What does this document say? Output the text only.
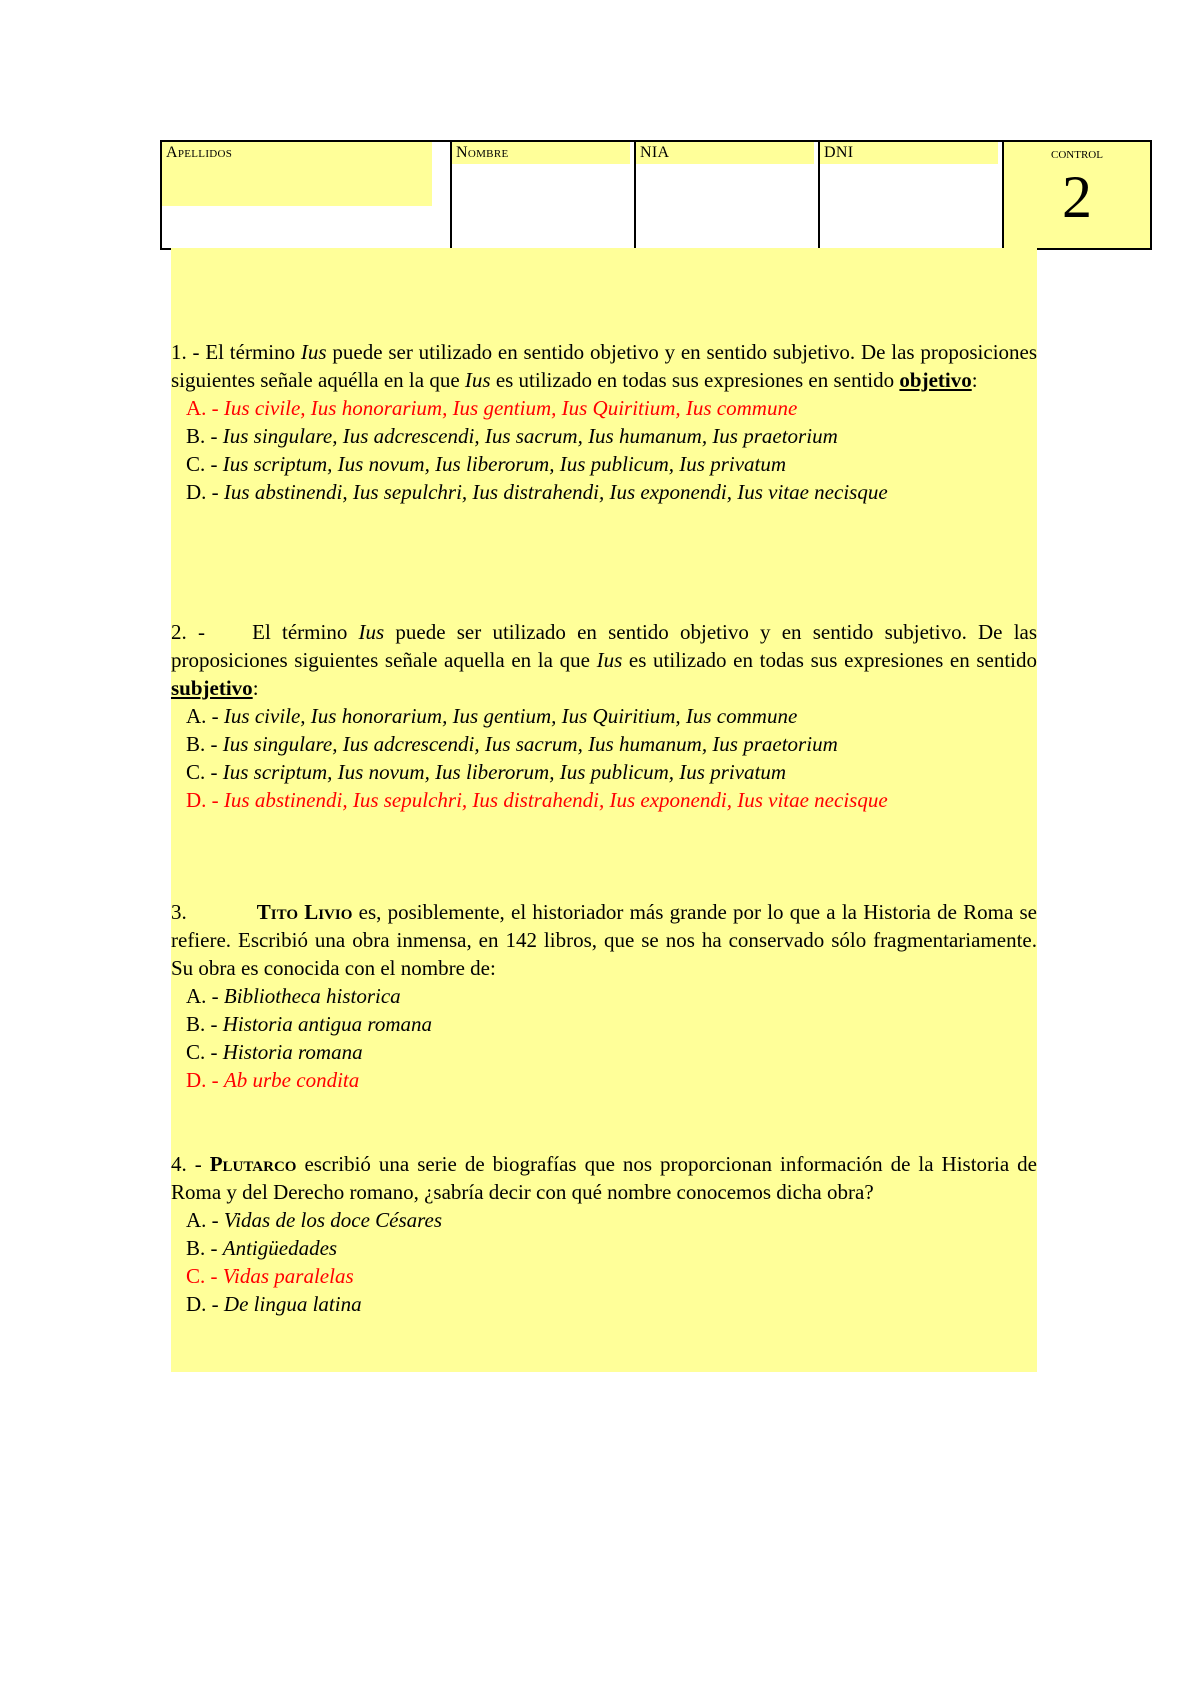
Apellidos	Nombre	NIA	DNI	control
2

1. - El término Ius puede ser utilizado en sentido objetivo y en sentido subjetivo. De las proposiciones siguientes señale aquélla en la que Ius es utilizado en todas sus expresiones en sentido objetivo:

A. - Ius civile, Ius honorarium, Ius gentium, Ius Quiritium, Ius commune
B. - Ius singulare, Ius adcrescendi, Ius sacrum, Ius humanum, Ius praetorium
C. - Ius scriptum, Ius novum, Ius liberorum, Ius publicum, Ius privatum
D. - Ius abstinendi, Ius sepulchri, Ius distrahendi, Ius exponendi, Ius vitae necisque

2. - El término Ius puede ser utilizado en sentido objetivo y en sentido subjetivo. De las proposiciones siguientes señale aquella en la que Ius es utilizado en todas sus expresiones en sentido subjetivo:

A. - Ius civile, Ius honorarium, Ius gentium, Ius Quiritium, Ius commune
B. - Ius singulare, Ius adcrescendi, Ius sacrum, Ius humanum, Ius praetorium
C. - Ius scriptum, Ius novum, Ius liberorum, Ius publicum, Ius privatum
D. - Ius abstinendi, Ius sepulchri, Ius distrahendi, Ius exponendi, Ius vitae necisque

3.	Tito Livio es, posiblemente, el historiador más grande por lo que a la Historia de Roma se refiere. Escribió una obra inmensa, en 142 libros, que se nos ha conservado sólo fragmentariamente. Su obra es conocida con el nombre de:

A. - Bibliotheca historica
B. - Historia antigua romana
C. - Historia romana
D. - Ab urbe condita

4. - Plutarco escribió una serie de biografías que nos proporcionan información de la Historia de Roma y del Derecho romano, ¿sabría decir con qué nombre conocemos dicha obra?

A. - Vidas de los doce Césares
B. - Antigüedades
C. - Vidas paralelas
D. - De lingua latina
